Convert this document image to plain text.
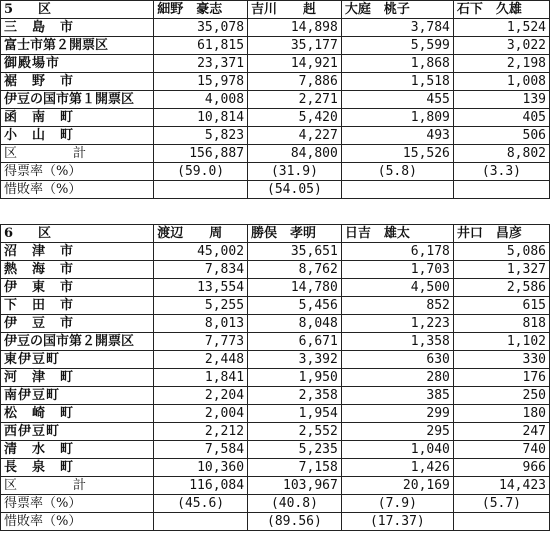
5　区	細野　豪志	吉川　　赳	大庭　桃子	石下　久雄
三　島　市	35,078	14,898	3,784	1,524
富士市第２開票区	61,815	35,177	5,599	3,022
御殿場市	23,371	14,921	1,868	2,198
裾　野　市	15,978	7,886	1,518	1,008
伊豆の国市第１開票区	4,008	2,271	455	139
函　南　町	10,814	5,420	1,809	405
小　山　町	5,823	4,227	493	506
区　　計	156,887	84,800	15,526	8,802
得票率（%）	(59.0)	(31.9)	(5.8)	(3.3)
惜敗率（%）		(54.05)		
6　区	渡辺　　周	勝俣　孝明	日吉　雄太	井口　昌彦
沼　津　市	45,002	35,651	6,178	5,086
熱　海　市	7,834	8,762	1,703	1,327
伊　東　市	13,554	14,780	4,500	2,586
下　田　市	5,255	5,456	852	615
伊　豆　市	8,013	8,048	1,223	818
伊豆の国市第２開票区	7,773	6,671	1,358	1,102
東伊豆町	2,448	3,392	630	330
河　津　町	1,841	1,950	280	176
南伊豆町	2,204	2,358	385	250
松　崎　町	2,004	1,954	299	180
西伊豆町	2,212	2,552	295	247
清　水　町	7,584	5,235	1,040	740
長　泉　町	10,360	7,158	1,426	966
区　　計	116,084	103,967	20,169	14,423
得票率（%）	(45.6)	(40.8)	(7.9)	(5.7)
惜敗率（%）		(89.56)	(17.37)	
